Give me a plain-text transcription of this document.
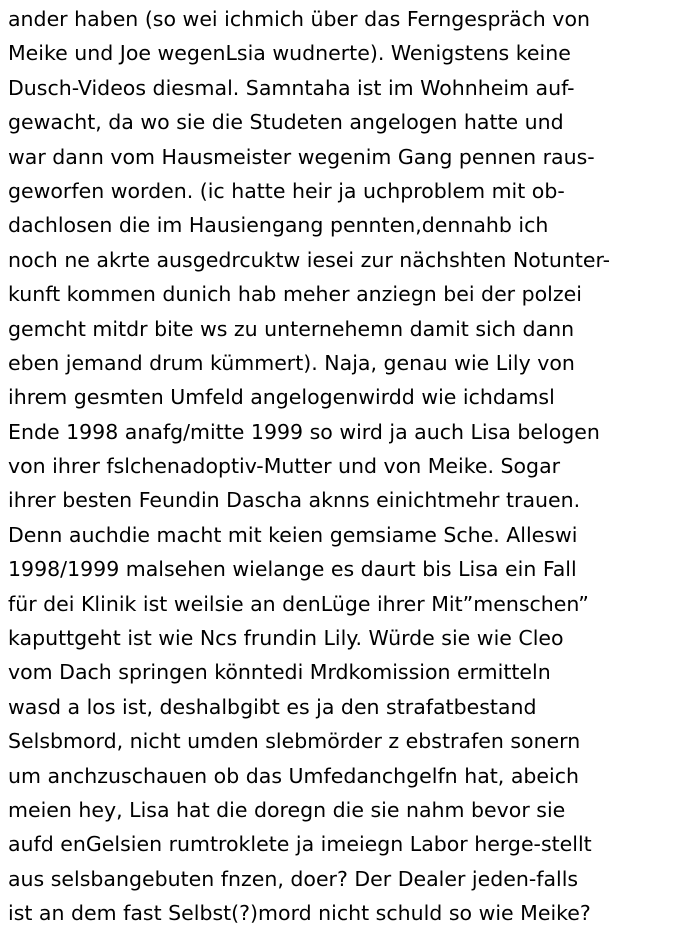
ander haben (so wei ichmich über das Ferngespräch von
Meike und Joe wegenLsia wudnerte). Wenigstens keine
Dusch-Videos diesmal. Samntaha ist im Wohnheim auf-
gewacht, da wo sie die Studeten angelogen hatte und
war dann vom Hausmeister wegenim Gang pennen raus-
geworfen worden. (ic hatte heir ja uchproblem mit ob-
dachlosen die im Hausiengang pennten,dennahb ich
noch ne akrte ausgedrcuktw iesei zur nächshten Notunter-
kunft kommen dunich hab meher anziegn bei der polzei
gemcht mitdr bite ws zu unternehemn damit sich dann
eben jemand drum kümmert). Naja, genau wie Lily von
ihrem gesmten Umfeld angelogenwirdd wie ichdamsl
Ende 1998 anafg/mitte 1999 so wird ja auch Lisa belogen
von ihrer fslchenadoptiv-Mutter und von Meike. Sogar
ihrer besten Feundin Dascha aknns einichtmehr trauen.
Denn auchdie macht mit keien gemsiame Sche. Alleswi
1998/1999 malsehen wielange es daurt bis Lisa ein Fall
für dei Klinik ist weilsie an denLüge ihrer Mit”menschen”
kaputtgeht ist wie Ncs frundin Lily. Würde sie wie Cleo
vom Dach springen könntedi Mrdkomission ermitteln
wasd a los ist, deshalbgibt es ja den strafatbestand
Selsbmord, nicht umden slebmörder z ebstrafen sonern
um anchzuschauen ob das Umfedanchgelfn hat, abeich
meien hey, Lisa hat die doregn die sie nahm bevor sie
aufd enGelsien rumtroklete ja imeiegn Labor herge-stellt
aus selsbangebuten fnzen, doer? Der Dealer jeden-falls
ist an dem fast Selbst(?)mord nicht schuld so wie Meike?
